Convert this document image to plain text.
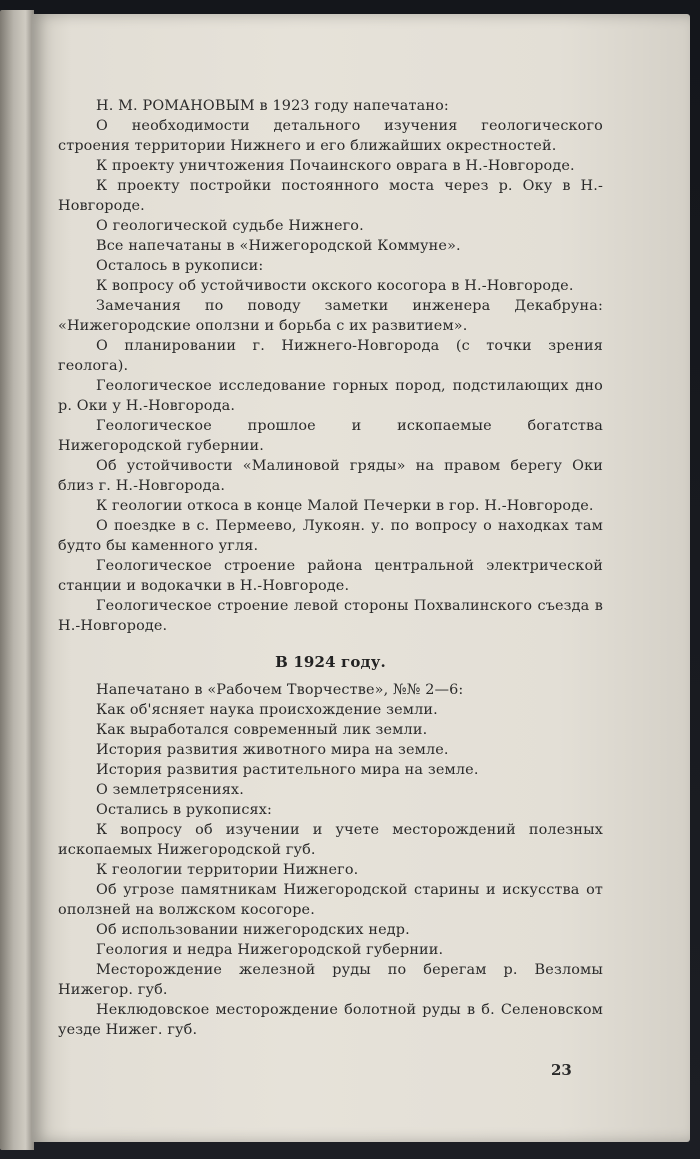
Н. М. РОМАНОВЫМ в 1923 году напечатано:

О необходимости детального изучения геологического строения территории Нижнего и его ближайших окрестностей.

К проекту уничтожения Почаинского оврага в Н.-Новгороде.

К проекту постройки постоянного моста через р. Оку в Н.-Новгороде.

О геологической судьбе Нижнего.

Все напечатаны в «Нижегородской Коммуне».

Осталось в рукописи:

К вопросу об устойчивости окского косогора в Н.-Новгороде.

Замечания по поводу заметки инженера Декабруна: «Нижегородские оползни и борьба с их развитием».

О планировании г. Нижнего-Новгорода (с точки зрения геолога).

Геологическое исследование горных пород, подстилающих дно р. Оки у Н.-Новгорода.

Геологическое прошлое и ископаемые богатства Нижегородской губернии.

Об устойчивости «Малиновой гряды» на правом берегу Оки близ г. Н.-Новгорода.

К геологии откоса в конце Малой Печерки в гор. Н.-Новгороде.

О поездке в с. Пермеево, Лукоян. у. по вопросу о находках там будто бы каменного угля.

Геологическое строение района центральной электрической станции и водокачки в Н.-Новгороде.

Геологическое строение левой стороны Похвалинского съезда в Н.-Новгороде.

В 1924 году.

Напечатано в «Рабочем Творчестве», №№ 2—6:

Как об'ясняет наука происхождение земли.

Как выработался современный лик земли.

История развития животного мира на земле.

История развития растительного мира на земле.

О землетрясениях.

Остались в рукописях:

К вопросу об изучении и учете месторождений полезных ископаемых Нижегородской губ.

К геологии территории Нижнего.

Об угрозе памятникам Нижегородской старины и искусства от оползней на волжском косогоре.

Об использовании нижегородских недр.

Геология и недра Нижегородской губернии.

Месторождение железной руды по берегам р. Везломы Нижегор. губ.

Неклюдовское месторождение болотной руды в б. Селеновском уезде Нижег. губ.

23
